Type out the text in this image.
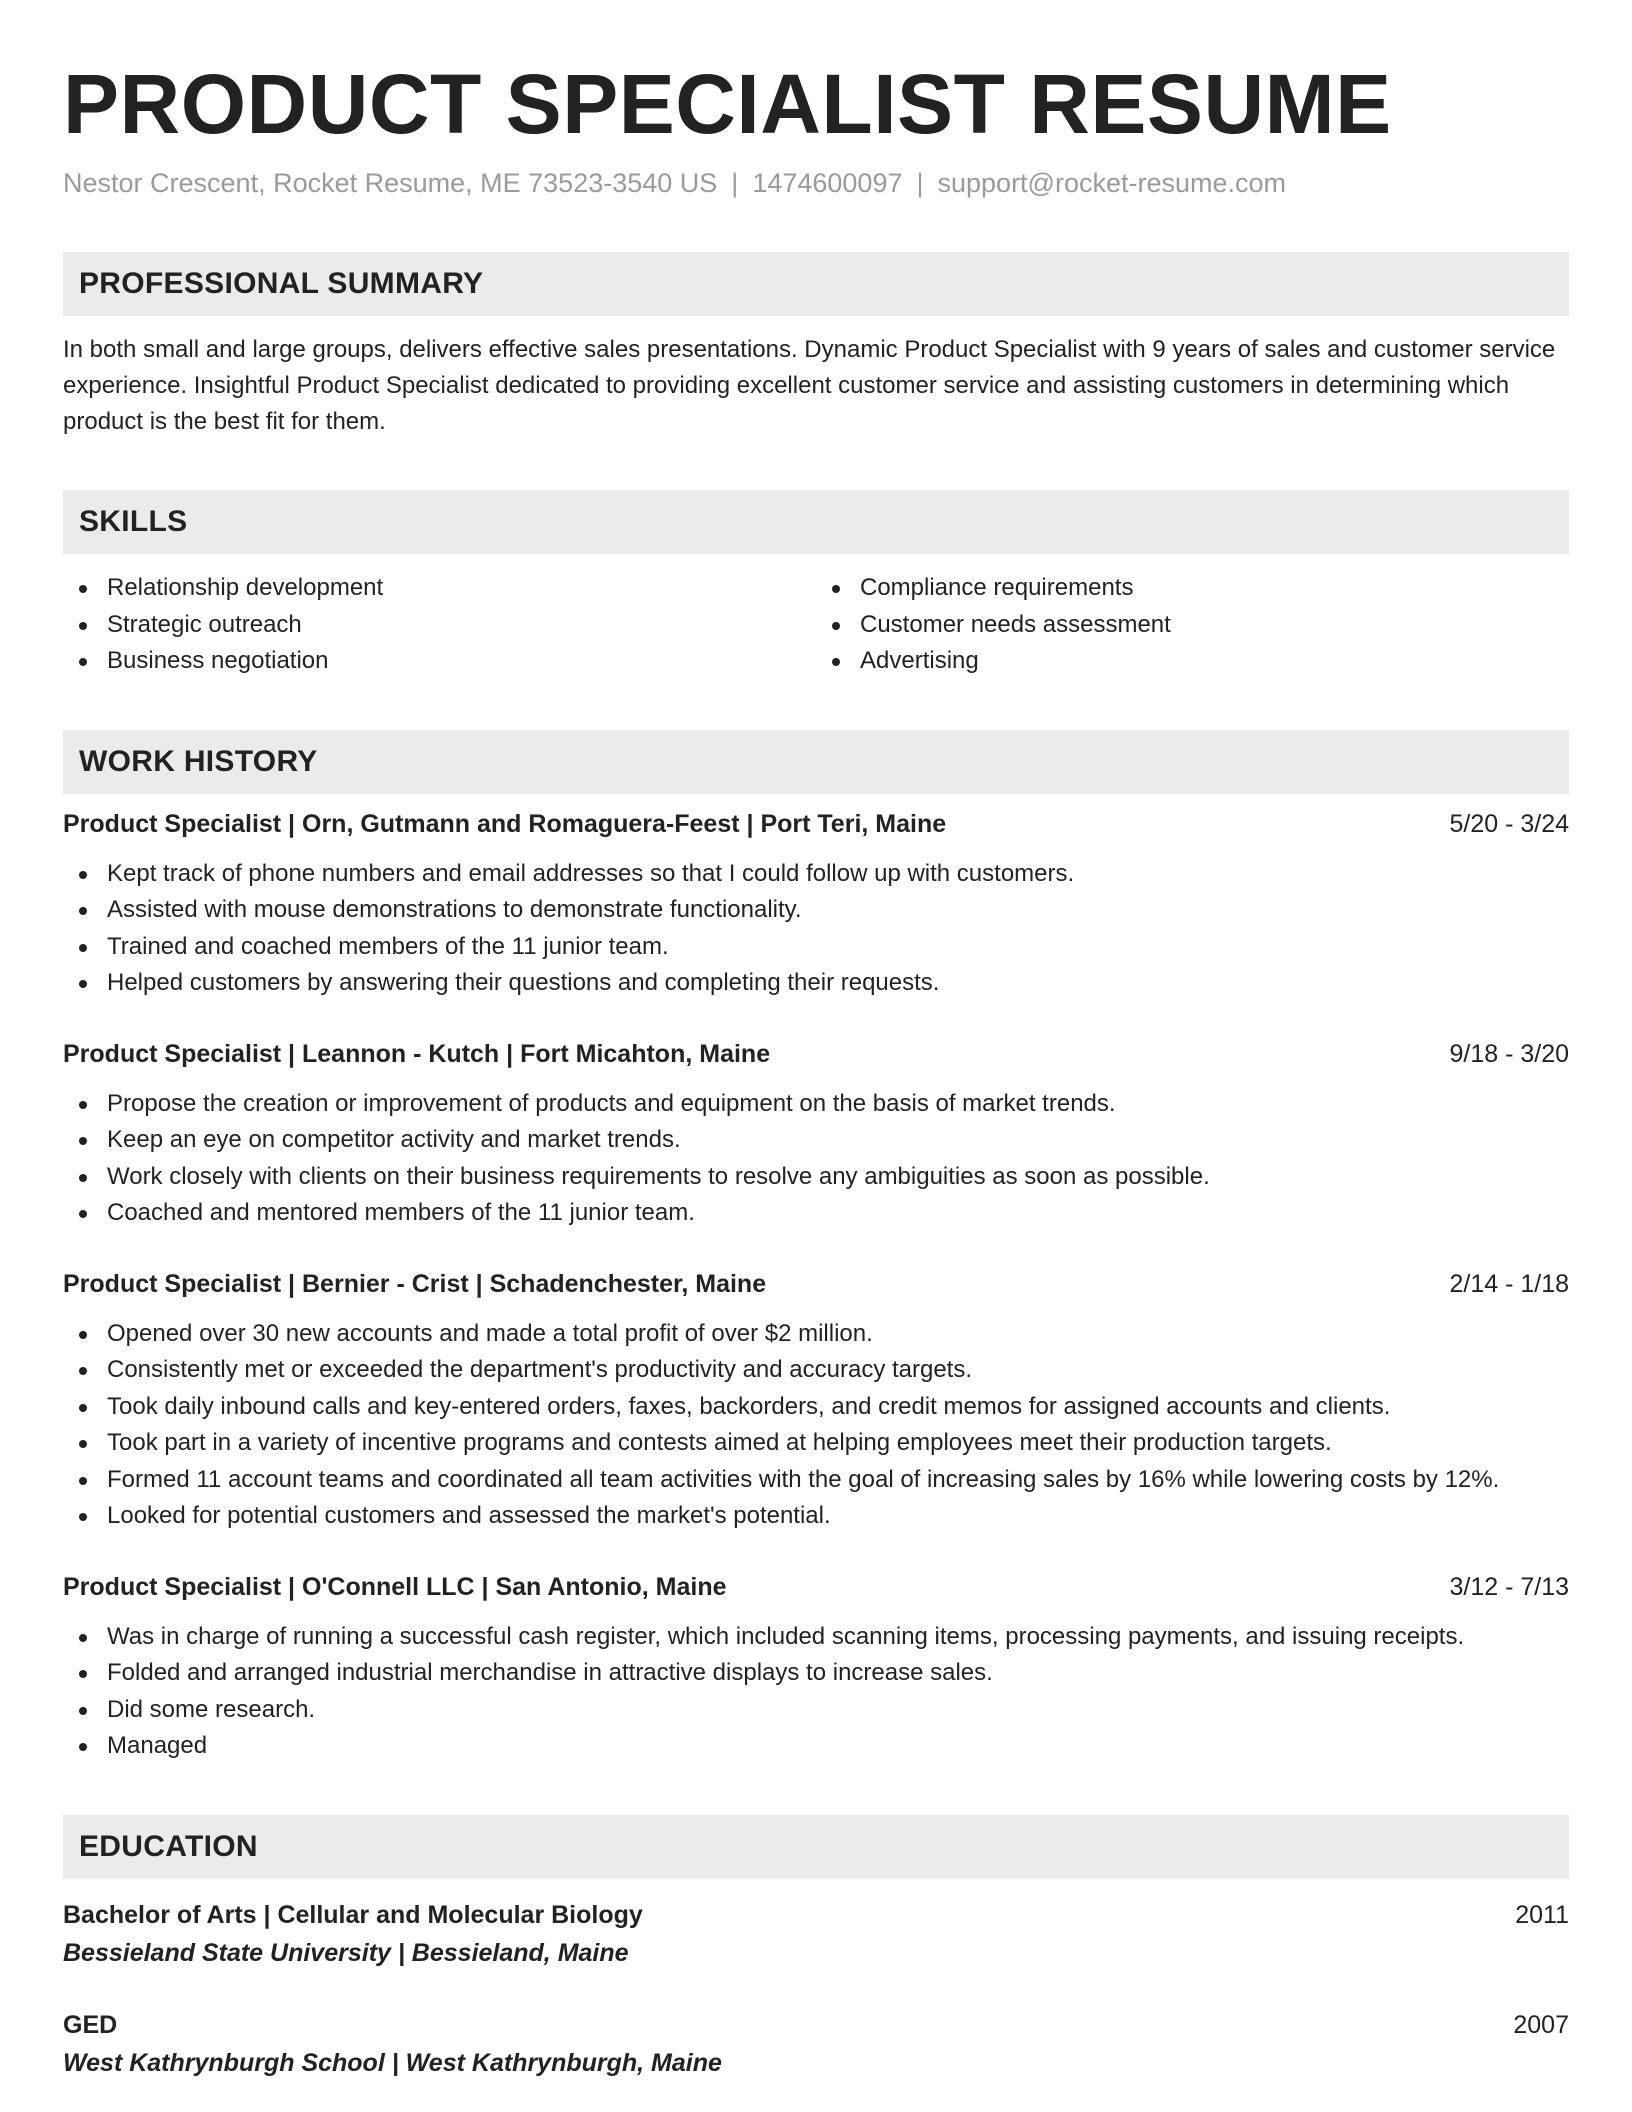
PRODUCT SPECIALIST RESUME
Nestor Crescent, Rocket Resume, ME 73523-3540 US | 1474600097 | support@rocket-resume.com
PROFESSIONAL SUMMARY
In both small and large groups, delivers effective sales presentations. Dynamic Product Specialist with 9 years of sales and customer service experience. Insightful Product Specialist dedicated to providing excellent customer service and assisting customers in determining which product is the best fit for them.
SKILLS
Relationship development
Strategic outreach
Business negotiation
Compliance requirements
Customer needs assessment
Advertising
WORK HISTORY
Product Specialist | Orn, Gutmann and Romaguera-Feest | Port Teri, Maine	5/20 - 3/24
Kept track of phone numbers and email addresses so that I could follow up with customers.
Assisted with mouse demonstrations to demonstrate functionality.
Trained and coached members of the 11 junior team.
Helped customers by answering their questions and completing their requests.
Product Specialist | Leannon - Kutch | Fort Micahton, Maine	9/18 - 3/20
Propose the creation or improvement of products and equipment on the basis of market trends.
Keep an eye on competitor activity and market trends.
Work closely with clients on their business requirements to resolve any ambiguities as soon as possible.
Coached and mentored members of the 11 junior team.
Product Specialist | Bernier - Crist | Schadenchester, Maine	2/14 - 1/18
Opened over 30 new accounts and made a total profit of over $2 million.
Consistently met or exceeded the department's productivity and accuracy targets.
Took daily inbound calls and key-entered orders, faxes, backorders, and credit memos for assigned accounts and clients.
Took part in a variety of incentive programs and contests aimed at helping employees meet their production targets.
Formed 11 account teams and coordinated all team activities with the goal of increasing sales by 16% while lowering costs by 12%.
Looked for potential customers and assessed the market's potential.
Product Specialist | O'Connell LLC | San Antonio, Maine	3/12 - 7/13
Was in charge of running a successful cash register, which included scanning items, processing payments, and issuing receipts.
Folded and arranged industrial merchandise in attractive displays to increase sales.
Did some research.
Managed
EDUCATION
Bachelor of Arts | Cellular and Molecular Biology	2011
Bessieland State University | Bessieland, Maine
GED	2007
West Kathrynburgh School | West Kathrynburgh, Maine
